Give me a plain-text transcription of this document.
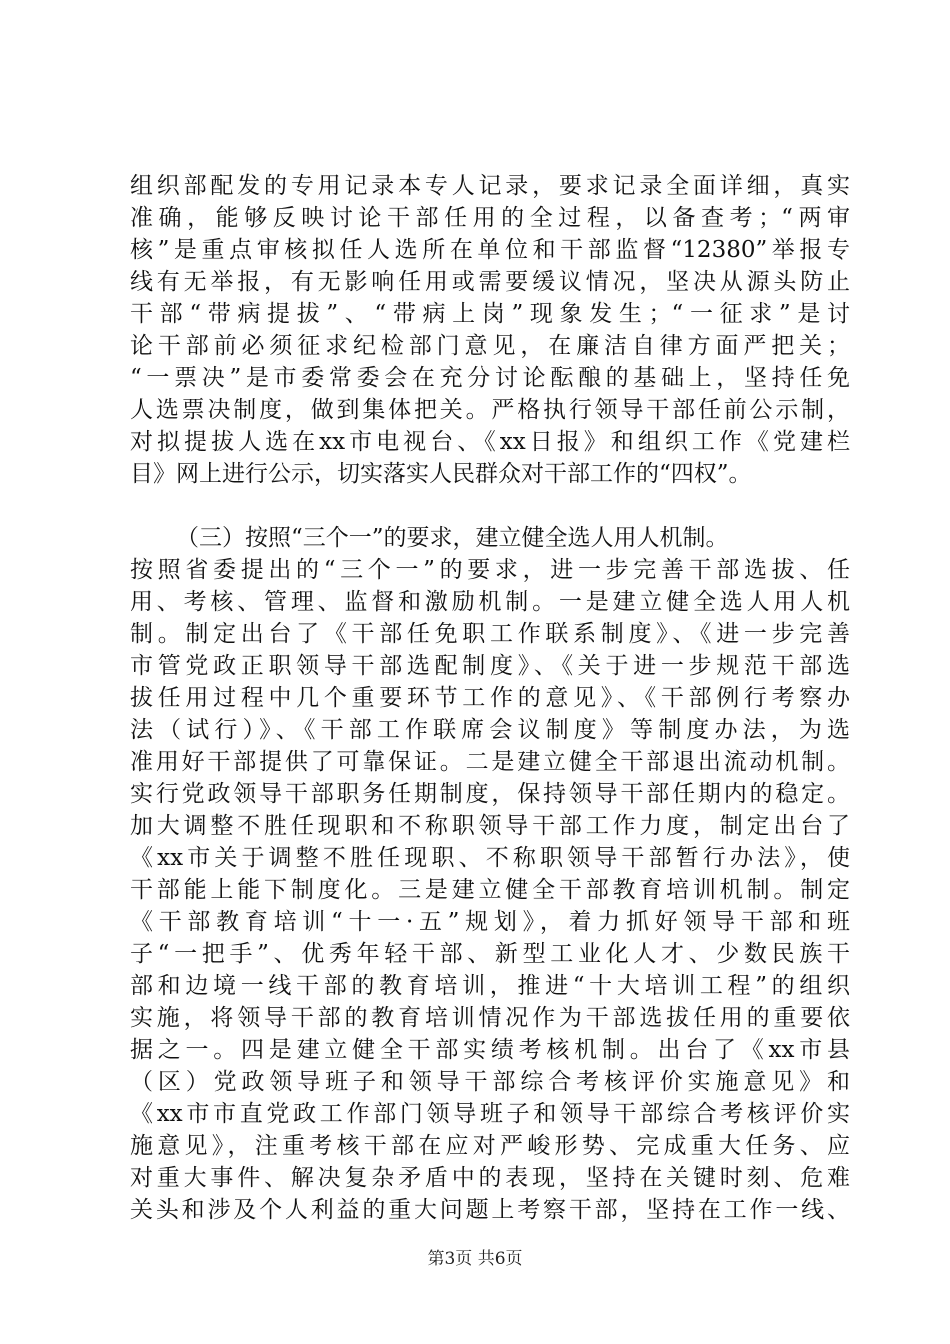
组织部配发的专用记录本专人记录，要求记录全面详细，真实
准确，能够反映讨论干部任用的全过程，以备查考；“两审
核”是重点审核拟任人选所在单位和干部监督“12380”举报专
线有无举报，有无影响任用或需要缓议情况，坚决从源头防止
干部“带病提拔”、“带病上岗”现象发生；“一征求”是讨
论干部前必须征求纪检部门意见，在廉洁自律方面严把关；
“一票决”是市委常委会在充分讨论酝酿的基础上，坚持任免
人选票决制度，做到集体把关。严格执行领导干部任前公示制，
对拟提拔人选在xx市电视台、《xx日报》和组织工作《党建栏
目》网上进行公示，切实落实人民群众对干部工作的“四权”。
（三）按照“三个一”的要求，建立健全选人用人机制。
按照省委提出的“三个一”的要求，进一步完善干部选拔、任
用、考核、管理、监督和激励机制。一是建立健全选人用人机
制。制定出台了《干部任免职工作联系制度》、《进一步完善
市管党政正职领导干部选配制度》、《关于进一步规范干部选
拔任用过程中几个重要环节工作的意见》、《干部例行考察办
法（试行）》、《干部工作联席会议制度》等制度办法，为选
准用好干部提供了可靠保证。二是建立健全干部退出流动机制。
实行党政领导干部职务任期制度，保持领导干部任期内的稳定。
加大调整不胜任现职和不称职领导干部工作力度，制定出台了
《xx市关于调整不胜任现职、不称职领导干部暂行办法》，使
干部能上能下制度化。三是建立健全干部教育培训机制。制定
《干部教育培训“十一·五”规划》，着力抓好领导干部和班
子“一把手”、优秀年轻干部、新型工业化人才、少数民族干
部和边境一线干部的教育培训，推进“十大培训工程”的组织
实施，将领导干部的教育培训情况作为干部选拔任用的重要依
据之一。四是建立健全干部实绩考核机制。出台了《xx市县
（区）党政领导班子和领导干部综合考核评价实施意见》和
《xx市市直党政工作部门领导班子和领导干部综合考核评价实
施意见》，注重考核干部在应对严峻形势、完成重大任务、应
对重大事件、解决复杂矛盾中的表现，坚持在关键时刻、危难
关头和涉及个人利益的重大问题上考察干部，坚持在工作一线、
第3页 共6页
